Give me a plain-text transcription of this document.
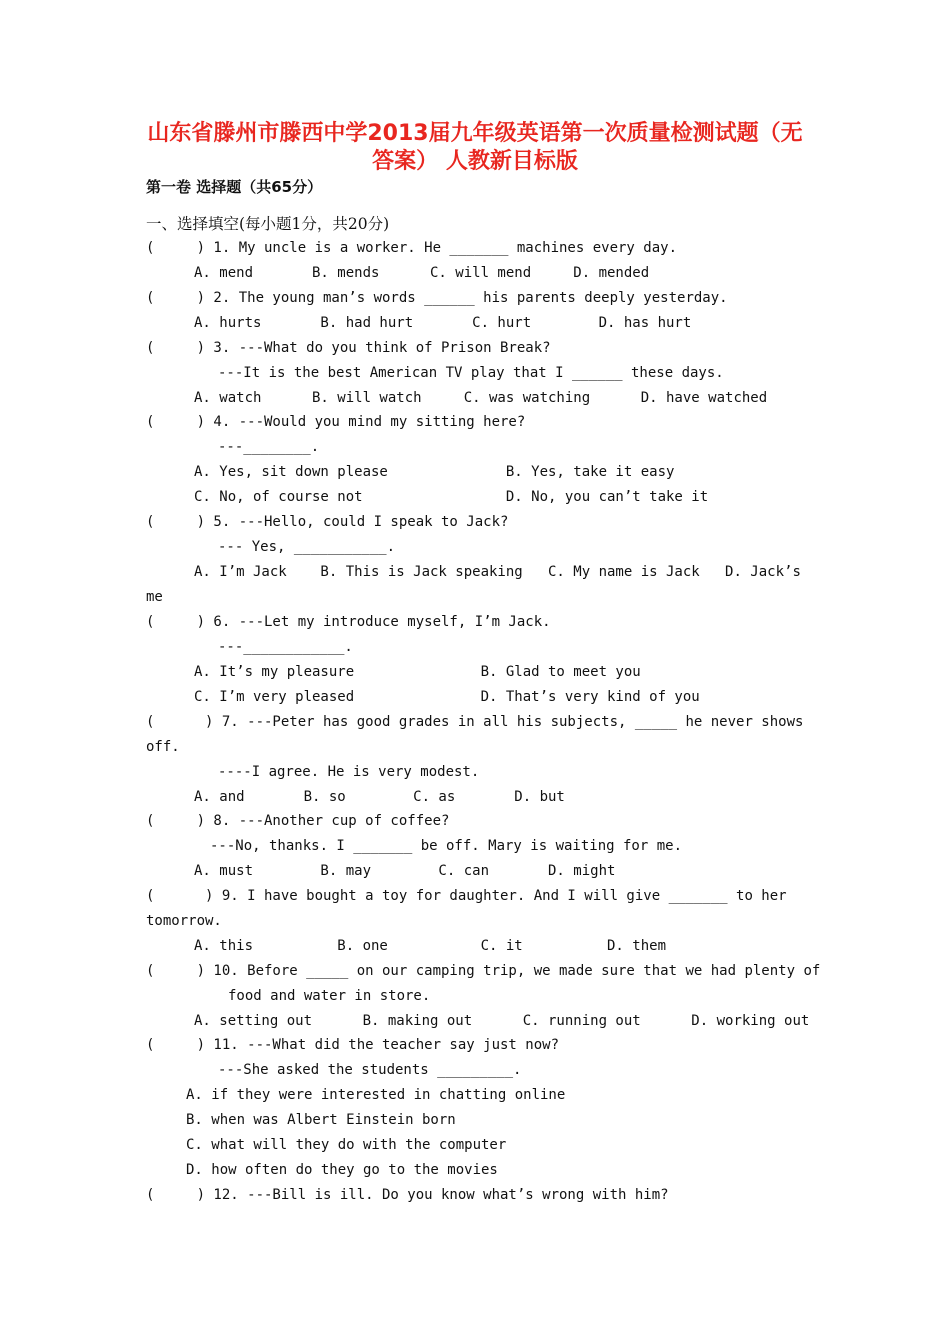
山东省滕州市滕西中学2013届九年级英语第一次质量检测试题（无
答案） 人教新目标版
第一卷 选择题（共65分）
一、选择填空(每小题1分，共20分)
(     ) 1. My uncle is a worker. He _______ machines every day.
A. mend       B. mends      C. will mend     D. mended
(     ) 2. The young man’s words ______ his parents deeply yesterday.
A. hurts       B. had hurt       C. hurt        D. has hurt
(     ) 3. ---What do you think of Prison Break?
---It is the best American TV play that I ______ these days.
A. watch      B. will watch     C. was watching      D. have watched
(     ) 4. ---Would you mind my sitting here?
---________.
A. Yes, sit down please              B. Yes, take it easy
C. No, of course not                 D. No, you can’t take it
(     ) 5. ---Hello, could I speak to Jack?
--- Yes, ___________.
A. I’m Jack    B. This is Jack speaking   C. My name is Jack   D. Jack’s
me
(     ) 6. ---Let my introduce myself, I’m Jack.
---____________.
A. It’s my pleasure               B. Glad to meet you
C. I’m very pleased               D. That’s very kind of you
(      ) 7. ---Peter has good grades in all his subjects, _____ he never shows
off.
----I agree. He is very modest.
A. and       B. so        C. as       D. but
(     ) 8. ---Another cup of coffee?
---No, thanks. I _______ be off. Mary is waiting for me.
A. must        B. may        C. can       D. might
(      ) 9. I have bought a toy for daughter. And I will give _______ to her
tomorrow.
A. this          B. one           C. it          D. them
(     ) 10. Before _____ on our camping trip, we made sure that we had plenty of
food and water in store.
A. setting out      B. making out      C. running out      D. working out
(     ) 11. ---What did the teacher say just now?
---She asked the students _________.
A. if they were interested in chatting online
B. when was Albert Einstein born
C. what will they do with the computer
D. how often do they go to the movies
(     ) 12. ---Bill is ill. Do you know what’s wrong with him?
